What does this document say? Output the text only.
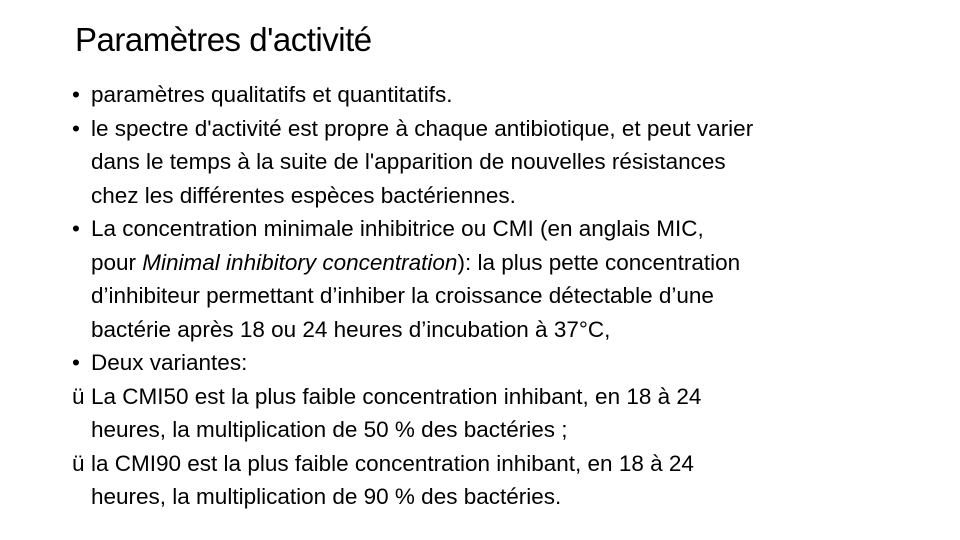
Paramètres d'activité
• paramètres qualitatifs et quantitatifs.
• le spectre d'activité est propre à chaque antibiotique, et peut varier
dans le temps à la suite de l'apparition de nouvelles résistances
chez les différentes espèces bactériennes.
• La concentration minimale inhibitrice ou CMI (en anglais MIC,
pour Minimal inhibitory concentration): la plus pette concentration
d’inhibiteur permettant d’inhiber la croissance détectable d’une
bactérie après 18 ou 24 heures d’incubation à 37°C,
• Deux variantes:
ü La CMI50 est la plus faible concentration inhibant, en 18 à 24
heures, la multiplication de 50 % des bactéries ;
ü la CMI90 est la plus faible concentration inhibant, en 18 à 24
heures, la multiplication de 90 % des bactéries.
